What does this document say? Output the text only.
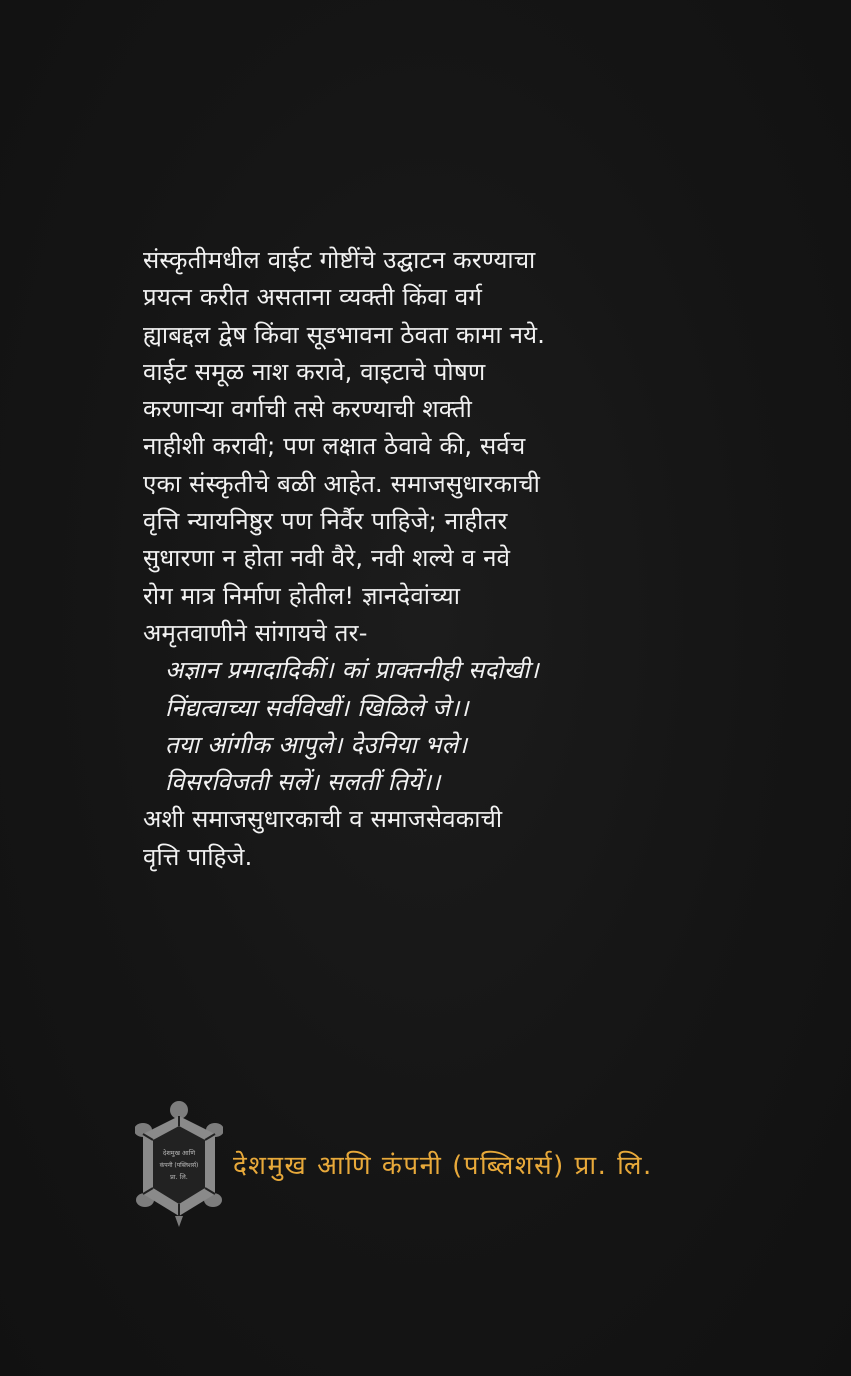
संस्कृतीमधील वाईट गोष्टींचे उद्घाटन करण्याचा
प्रयत्न करीत असताना व्यक्ती किंवा वर्ग
ह्याबद्दल द्वेष किंवा सूडभावना ठेवता कामा नये.
वाईट समूळ नाश करावे, वाइटाचे पोषण
करणाऱ्या वर्गाची तसे करण्याची शक्ती
नाहीशी करावी; पण लक्षात ठेवावे की, सर्वच
एका संस्कृतीचे बळी आहेत. समाजसुधारकाची
वृत्ति न्यायनिष्ठुर पण निर्वैर पाहिजे; नाहीतर
सुधारणा न होता नवी वैरे, नवी शल्ये व नवे
रोग मात्र निर्माण होतील! ज्ञानदेवांच्या
अमृतवाणीने सांगायचे तर-
अज्ञान प्रमादादिकीं। कां प्राक्तनीही सदोखी।
निंद्यत्वाच्या सर्वविखीं। खिळिले जे।।
तया आंगीक आपुले। देउनिया भले।
विसरविजती सलें। सलतीं तियें।।
अशी समाजसुधारकाची व समाजसेवकाची
वृत्ति पाहिजे.
देशमुख आणि
कंपनी (पब्लिशर्स)
प्रा. लि. देशमुख आणि कंपनी (पब्लिशर्स) प्रा. लि.
